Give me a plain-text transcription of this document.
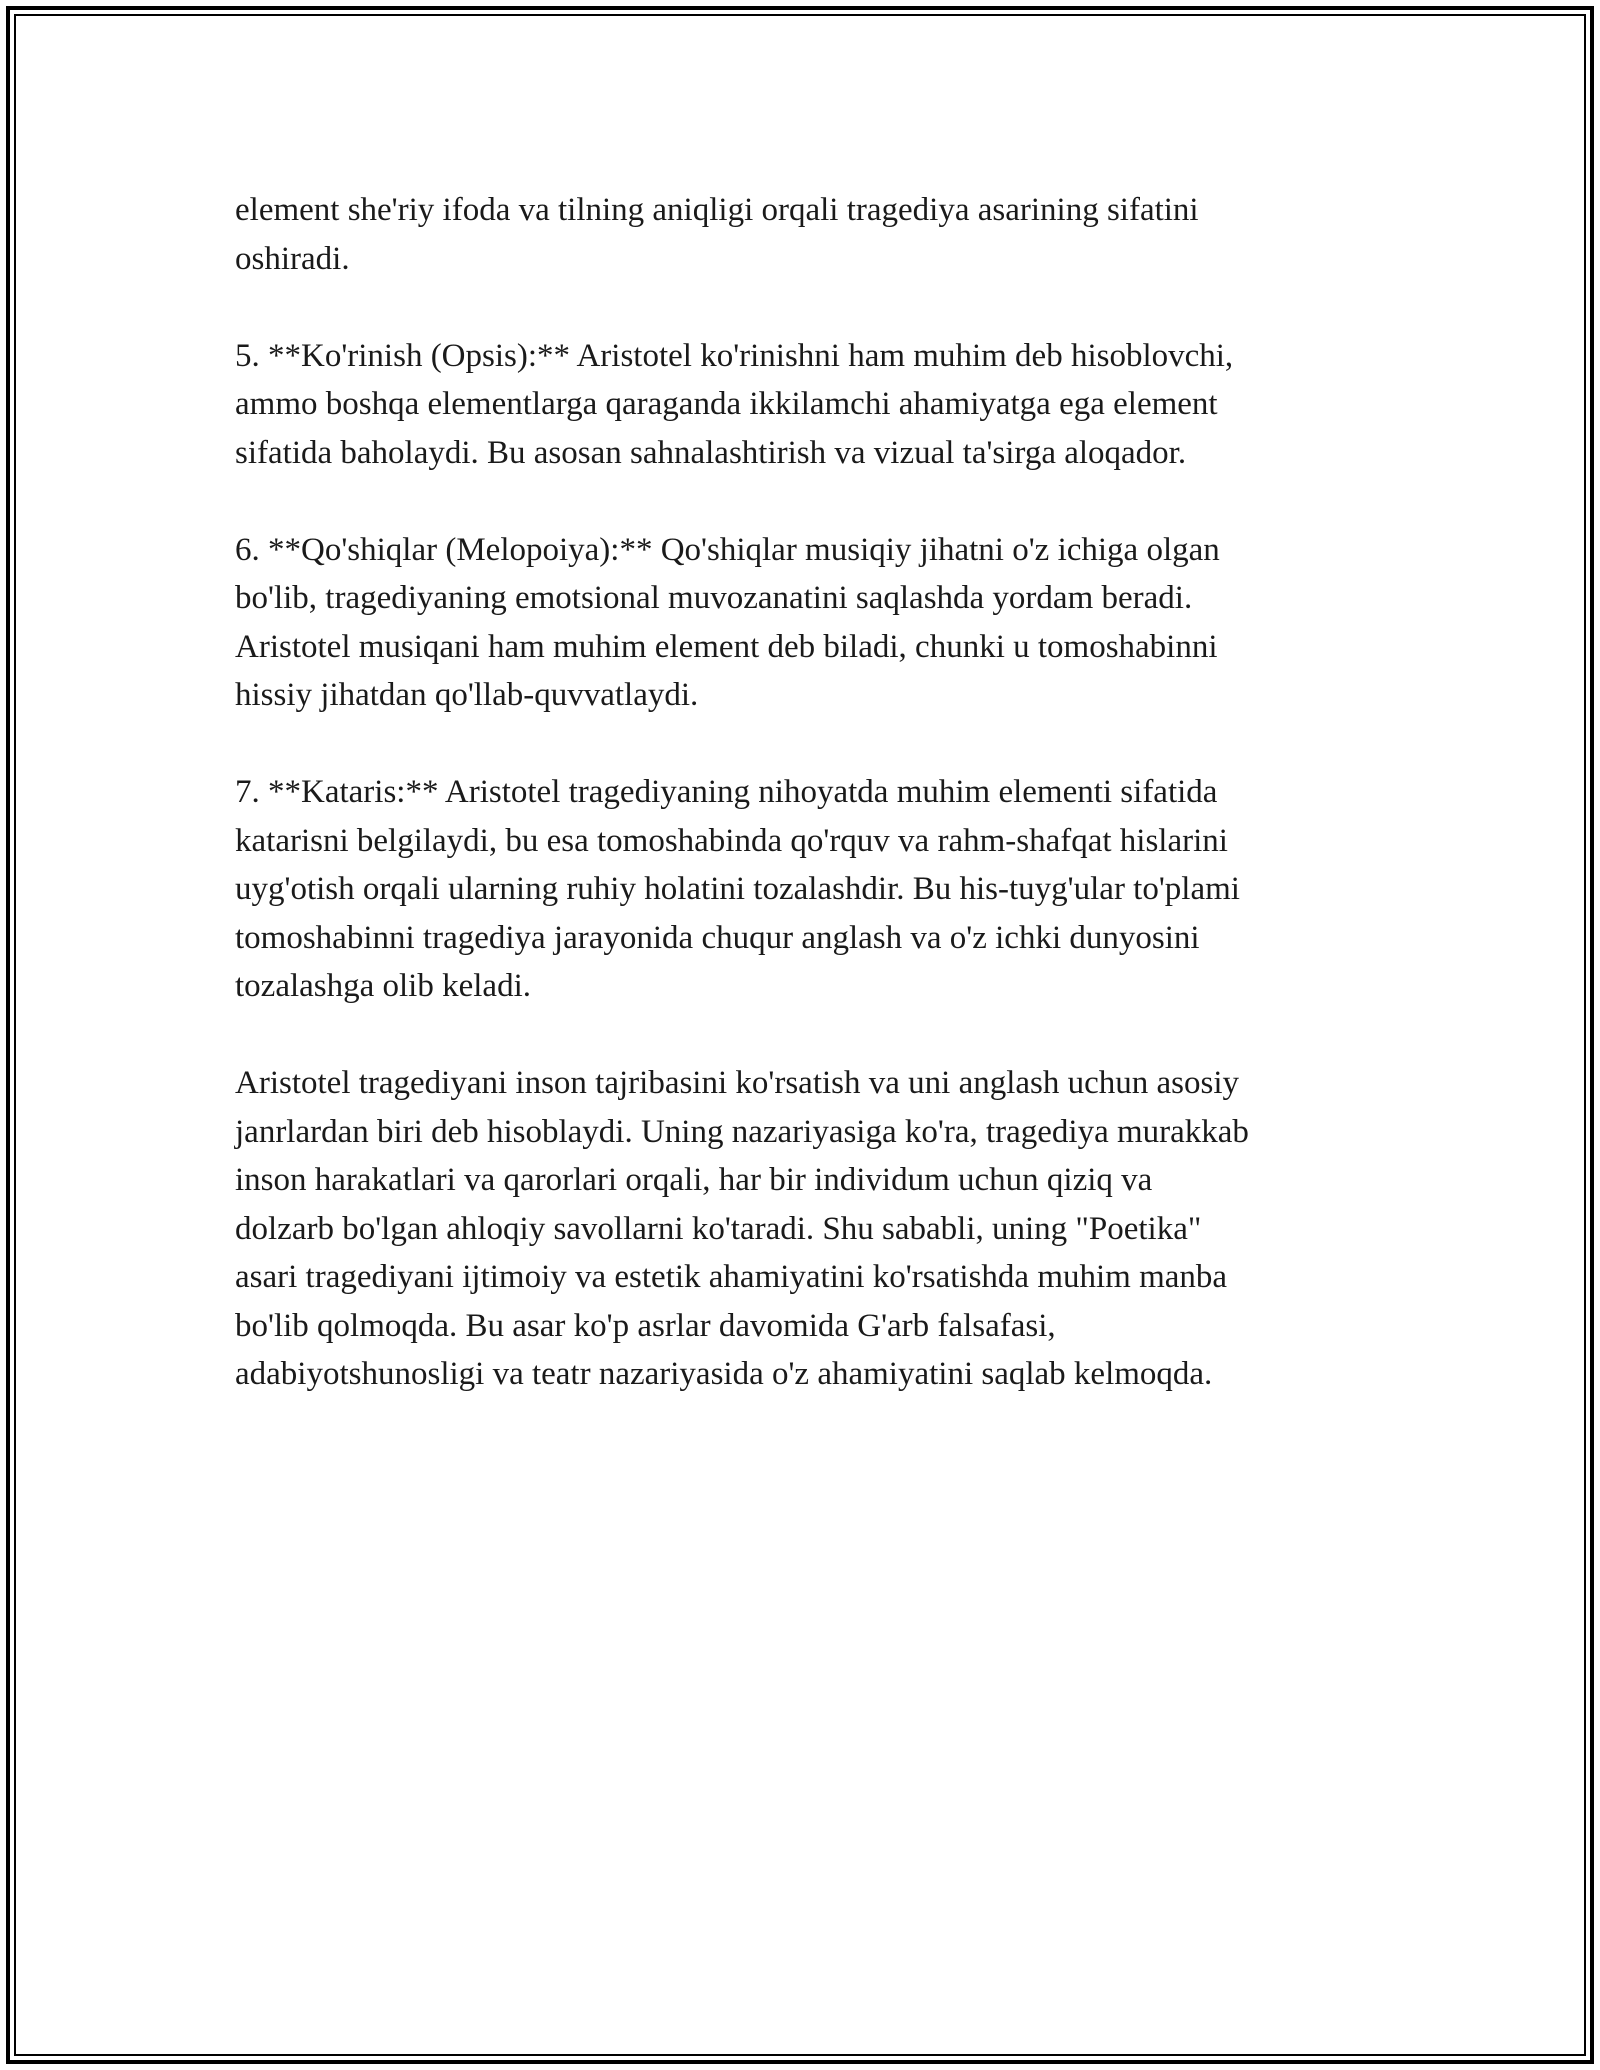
element she'riy ifoda va tilning aniqligi orqali tragediya asarining sifatini
oshiradi.

5. **Ko'rinish (Opsis):** Aristotel ko'rinishni ham muhim deb hisoblovchi,
ammo boshqa elementlarga qaraganda ikkilamchi ahamiyatga ega element
sifatida baholaydi. Bu asosan sahnalashtirish va vizual ta'sirga aloqador.

6. **Qo'shiqlar (Melopoiya):** Qo'shiqlar musiqiy jihatni o'z ichiga olgan
bo'lib, tragediyaning emotsional muvozanatini saqlashda yordam beradi.
Aristotel musiqani ham muhim element deb biladi, chunki u tomoshabinni
hissiy jihatdan qo'llab-quvvatlaydi.

7. **Kataris:** Aristotel tragediyaning nihoyatda muhim elementi sifatida
katarisni belgilaydi, bu esa tomoshabinda qo'rquv va rahm-shafqat hislarini
uyg'otish orqali ularning ruhiy holatini tozalashdir. Bu his-tuyg'ular to'plami
tomoshabinni tragediya jarayonida chuqur anglash va o'z ichki dunyosini
tozalashga olib keladi.

Aristotel tragediyani inson tajribasini ko'rsatish va uni anglash uchun asosiy
janrlardan biri deb hisoblaydi. Uning nazariyasiga ko'ra, tragediya murakkab
inson harakatlari va qarorlari orqali, har bir individum uchun qiziq va
dolzarb bo'lgan ahloqiy savollarni ko'taradi. Shu sababli, uning "Poetika"
asari tragediyani ijtimoiy va estetik ahamiyatini ko'rsatishda muhim manba
bo'lib qolmoqda. Bu asar ko'p asrlar davomida G'arb falsafasi,
adabiyotshunosligi va teatr nazariyasida o'z ahamiyatini saqlab kelmoqda.
